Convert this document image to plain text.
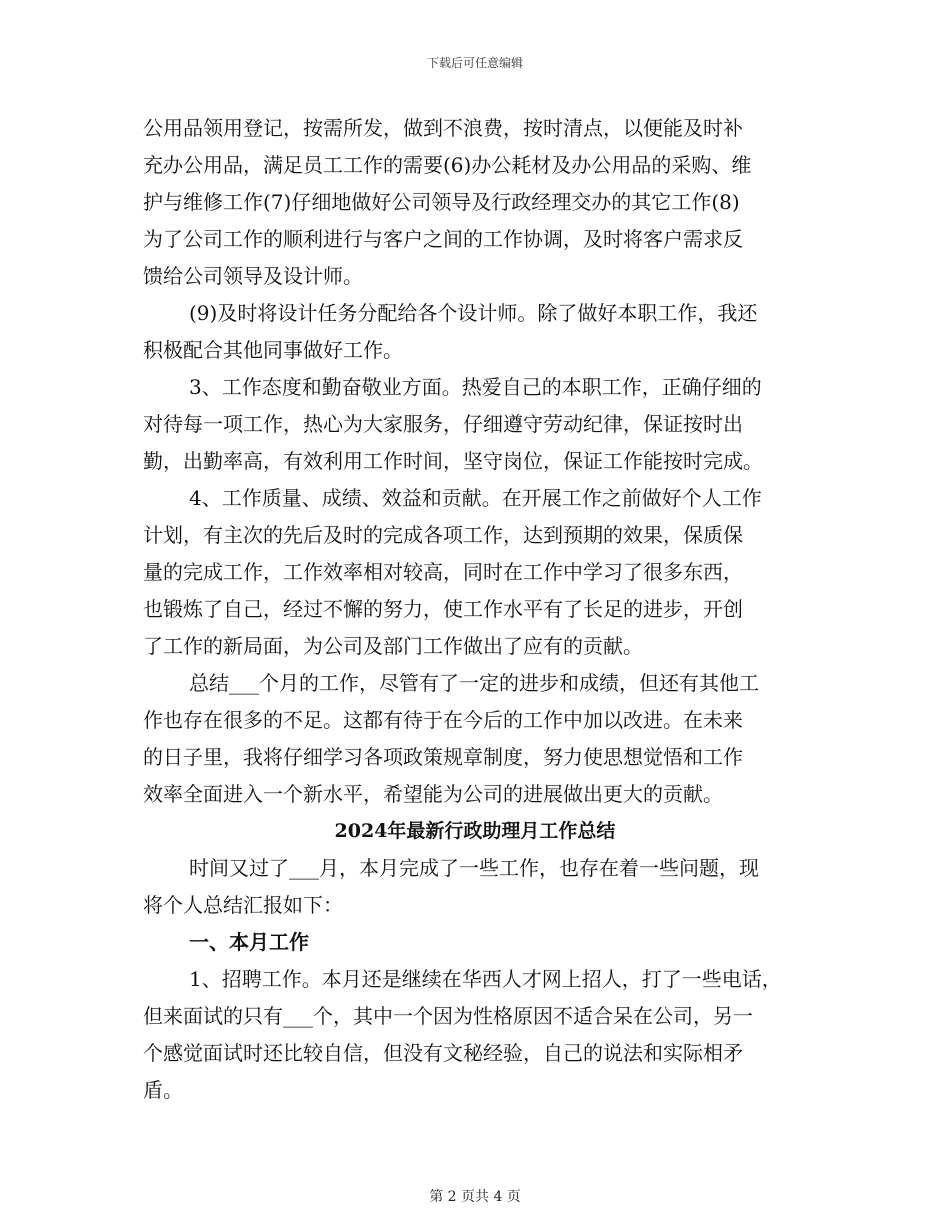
下载后可任意编辑
公用品领用登记，按需所发，做到不浪费，按时清点，以便能及时补
充办公用品，满足员工工作的需要(6)办公耗材及办公用品的采购、维
护与维修工作(7)仔细地做好公司领导及行政经理交办的其它工作(8)
为了公司工作的顺利进行与客户之间的工作协调，及时将客户需求反
馈给公司领导及设计师。
(9)及时将设计任务分配给各个设计师。除了做好本职工作，我还
积极配合其他同事做好工作。
3、工作态度和勤奋敬业方面。热爱自己的本职工作，正确仔细的
对待每一项工作，热心为大家服务，仔细遵守劳动纪律，保证按时出
勤，出勤率高，有效利用工作时间，坚守岗位，保证工作能按时完成。
4、工作质量、成绩、效益和贡献。在开展工作之前做好个人工作
计划，有主次的先后及时的完成各项工作，达到预期的效果，保质保
量的完成工作，工作效率相对较高，同时在工作中学习了很多东西，
也锻炼了自己，经过不懈的努力，使工作水平有了长足的进步，开创
了工作的新局面，为公司及部门工作做出了应有的贡献。
总结___个月的工作，尽管有了一定的进步和成绩，但还有其他工
作也存在很多的不足。这都有待于在今后的工作中加以改进。在未来
的日子里，我将仔细学习各项政策规章制度，努力使思想觉悟和工作
效率全面进入一个新水平，希望能为公司的进展做出更大的贡献。
2024年最新行政助理月工作总结
时间又过了___月，本月完成了一些工作，也存在着一些问题，现
将个人总结汇报如下：
一、本月工作
1、招聘工作。本月还是继续在华西人才网上招人，打了一些电话，
但来面试的只有___个，其中一个因为性格原因不适合呆在公司，另一
个感觉面试时还比较自信，但没有文秘经验，自己的说法和实际相矛
盾。
第 2 页共 4 页
